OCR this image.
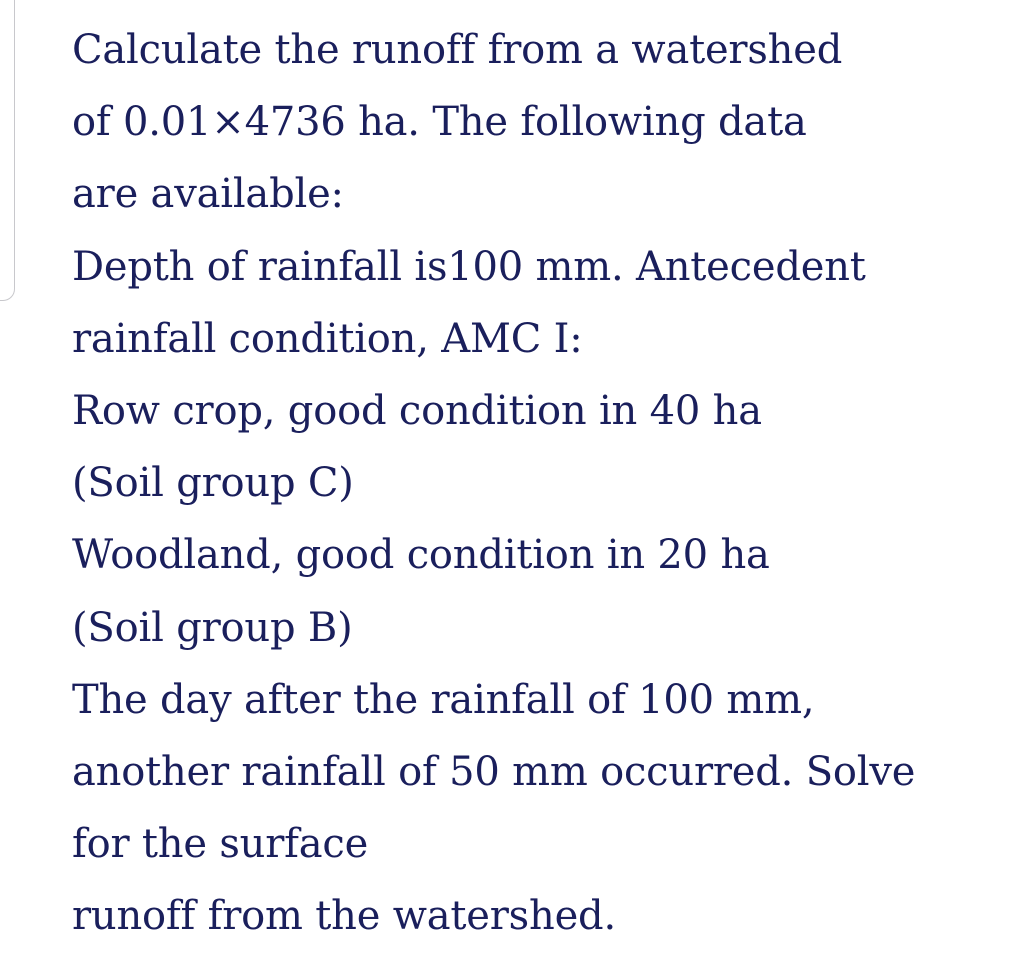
Calculate the runoff from a watershed
of 0.01×4736 ha. The following data
are available:
Depth of rainfall is100 mm. Antecedent
rainfall condition, AMC I:
Row crop, good condition in 40 ha
(Soil group C)
Woodland, good condition in 20 ha
(Soil group B)
The day after the rainfall of 100 mm,
another rainfall of 50 mm occurred. Solve
for the surface
runoff from the watershed.
